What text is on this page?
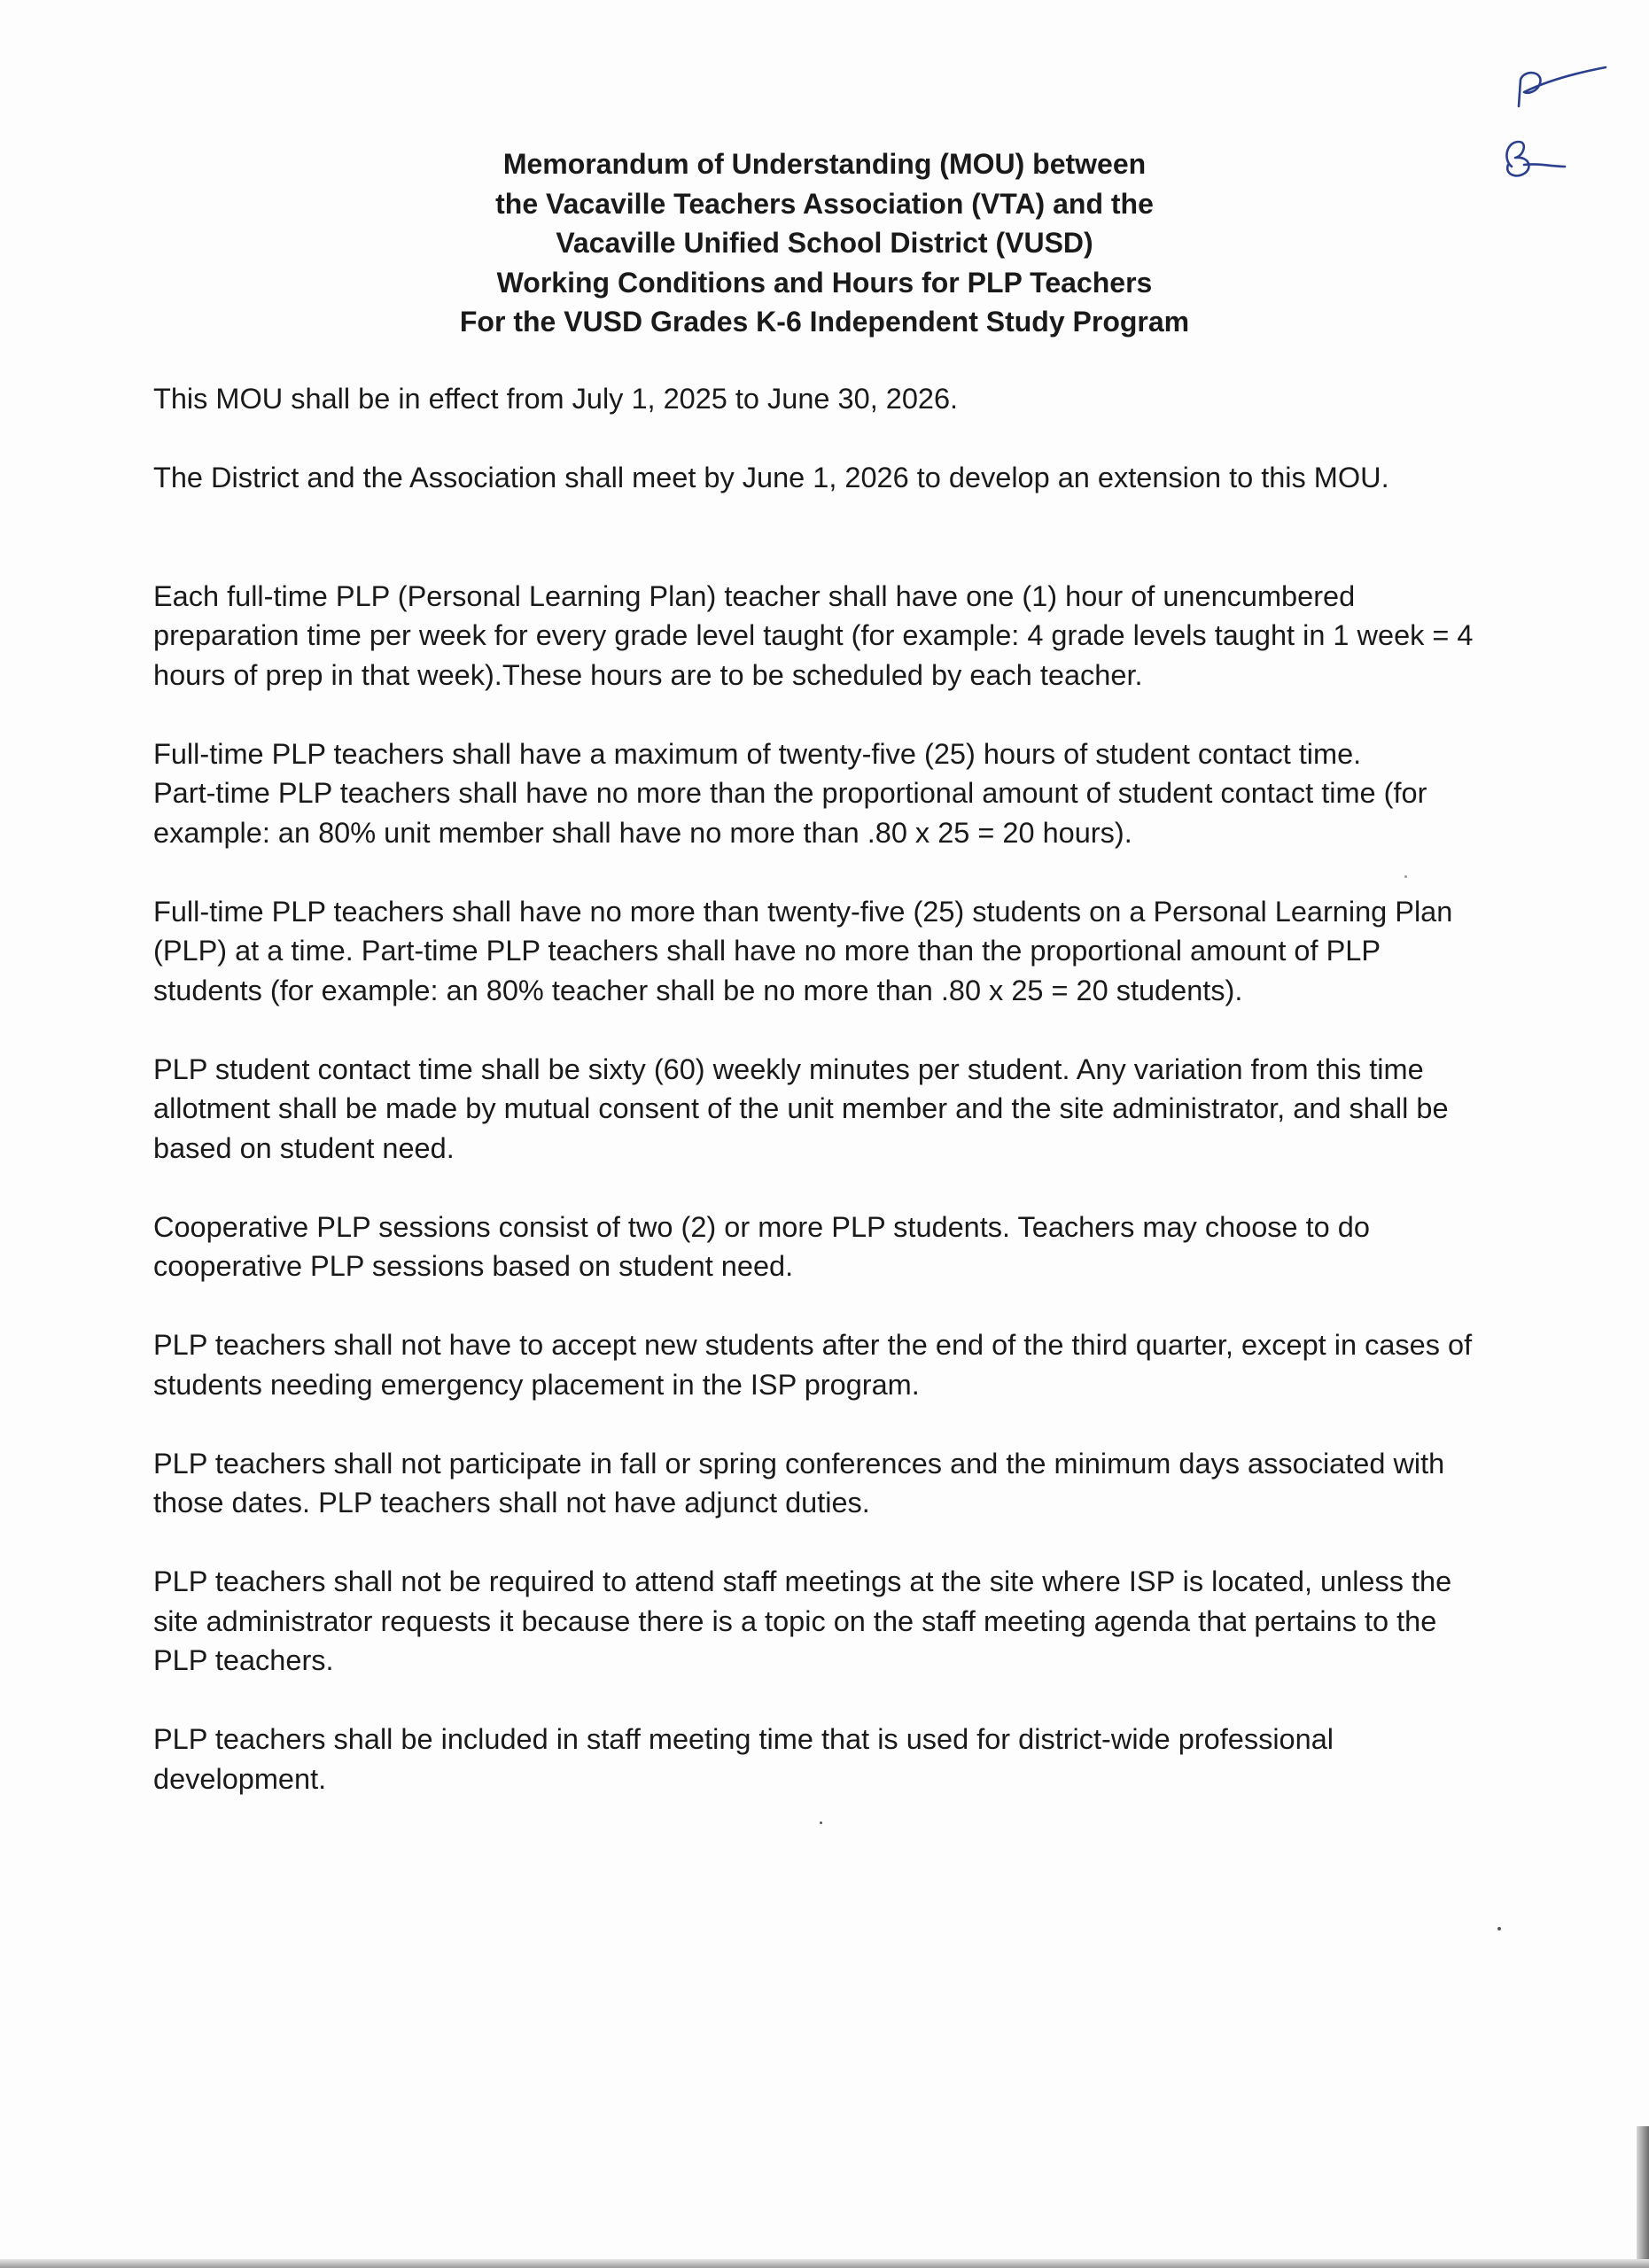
Memorandum of Understanding (MOU) between
the Vacaville Teachers Association (VTA) and the
Vacaville Unified School District (VUSD)
Working Conditions and Hours for PLP Teachers
For the VUSD Grades K-6 Independent Study Program

This MOU shall be in effect from July 1, 2025 to June 30, 2026.

The District and the Association shall meet by June 1, 2026 to develop an extension to this MOU.

Each full-time PLP (Personal Learning Plan) teacher shall have one (1) hour of unencumbered
preparation time per week for every grade level taught (for example: 4 grade levels taught in 1 week = 4
hours of prep in that week).These hours are to be scheduled by each teacher.

Full-time PLP teachers shall have a maximum of twenty-five (25) hours of student contact time.
Part-time PLP teachers shall have no more than the proportional amount of student contact time (for
example: an 80% unit member shall have no more than .80 x 25 = 20 hours).

Full-time PLP teachers shall have no more than twenty-five (25) students on a Personal Learning Plan
(PLP) at a time. Part-time PLP teachers shall have no more than the proportional amount of PLP
students (for example: an 80% teacher shall be no more than .80 x 25 = 20 students).

PLP student contact time shall be sixty (60) weekly minutes per student. Any variation from this time
allotment shall be made by mutual consent of the unit member and the site administrator, and shall be
based on student need.

Cooperative PLP sessions consist of two (2) or more PLP students. Teachers may choose to do
cooperative PLP sessions based on student need.

PLP teachers shall not have to accept new students after the end of the third quarter, except in cases of
students needing emergency placement in the ISP program.

PLP teachers shall not participate in fall or spring conferences and the minimum days associated with
those dates. PLP teachers shall not have adjunct duties.

PLP teachers shall not be required to attend staff meetings at the site where ISP is located, unless the
site administrator requests it because there is a topic on the staff meeting agenda that pertains to the
PLP teachers.

PLP teachers shall be included in staff meeting time that is used for district-wide professional
development.
